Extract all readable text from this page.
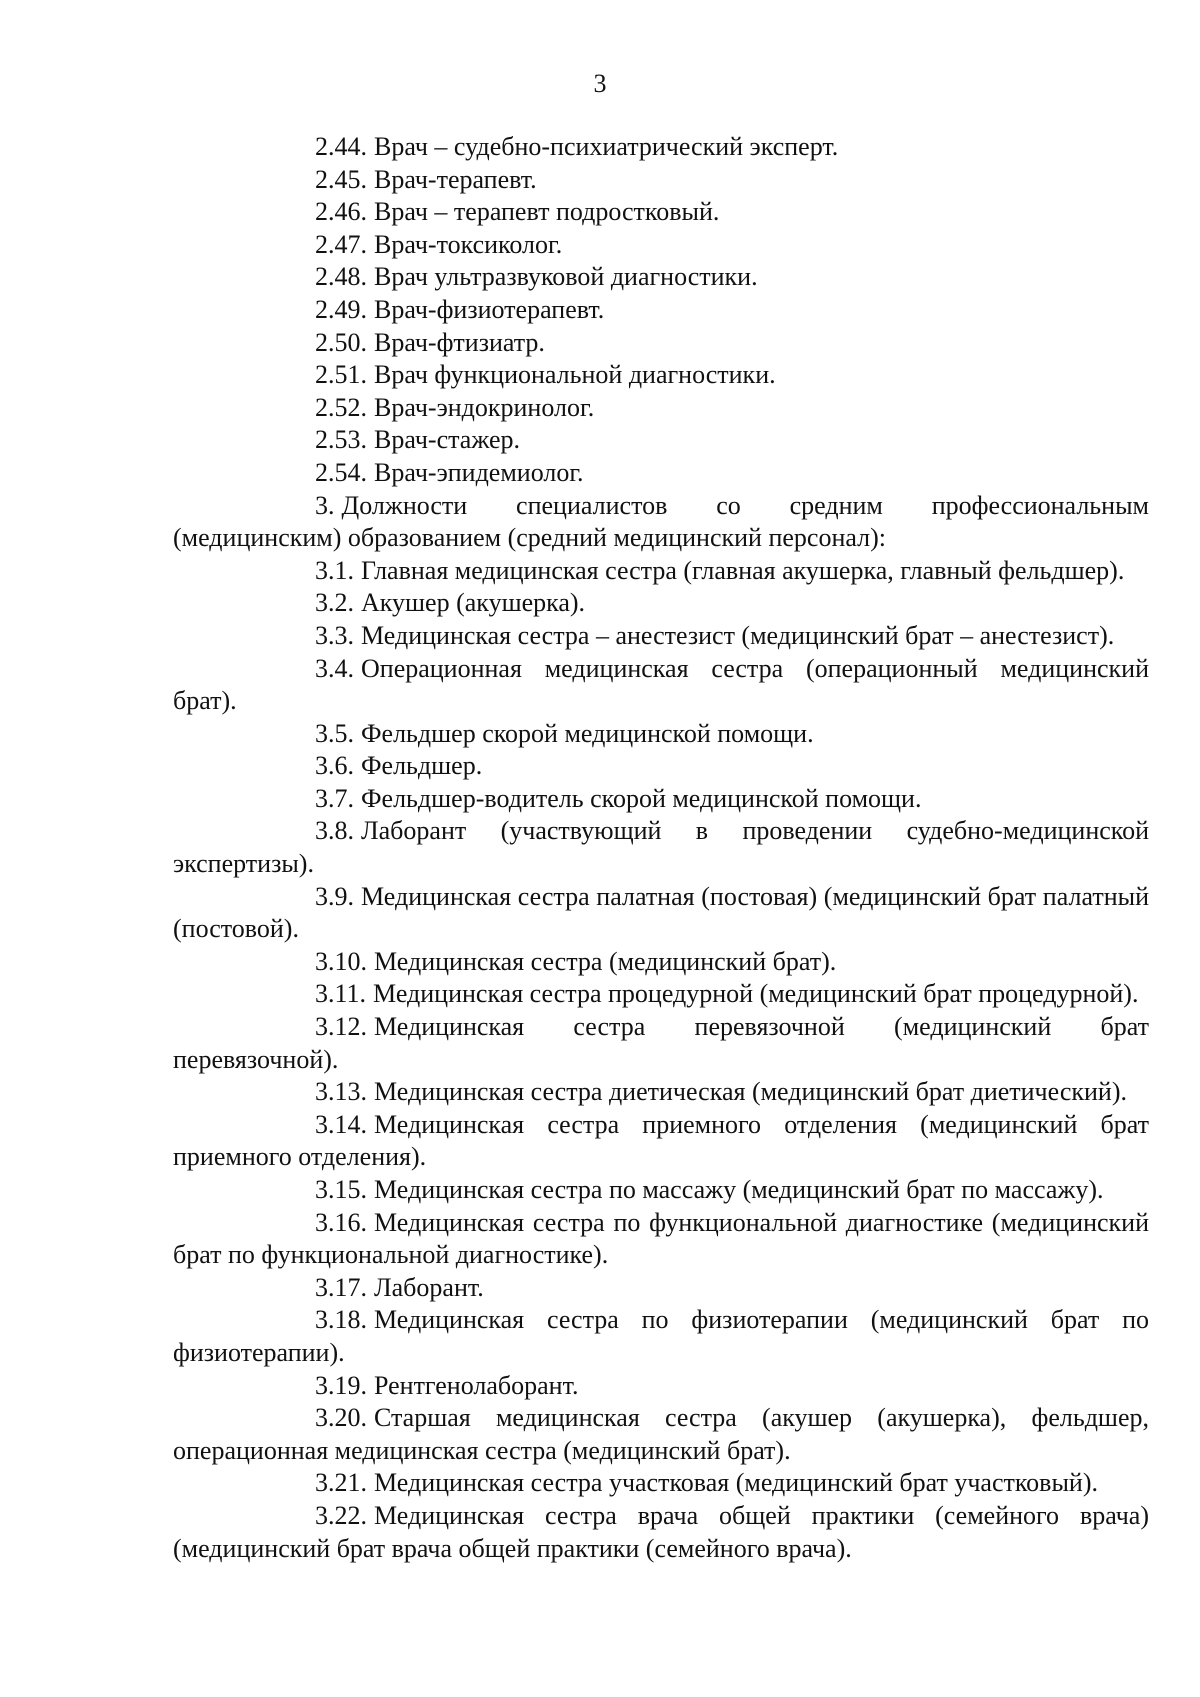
3

2.44. Врач – судебно-психиатрический эксперт.

2.45. Врач-терапевт.

2.46. Врач – терапевт подростковый.

2.47. Врач-токсиколог.

2.48. Врач ультразвуковой диагностики.

2.49. Врач-физиотерапевт.

2.50. Врач-фтизиатр.

2.51. Врач функциональной диагностики.

2.52. Врач-эндокринолог.

2.53. Врач-стажер.

2.54. Врач-эпидемиолог.

3. Должности специалистов со средним профессиональным (медицинским) образованием (средний медицинский персонал):

3.1. Главная медицинская сестра (главная акушерка, главный фельдшер).

3.2. Акушер (акушерка).

3.3. Медицинская сестра – анестезист (медицинский брат – анестезист).

3.4. Операционная медицинская сестра (операционный медицинский брат).

3.5. Фельдшер скорой медицинской помощи.

3.6. Фельдшер.

3.7. Фельдшер-водитель скорой медицинской помощи.

3.8. Лаборант (участвующий в проведении судебно-медицинской экспертизы).

3.9. Медицинская сестра палатная (постовая) (медицинский брат палатный (постовой).

3.10. Медицинская сестра (медицинский брат).

3.11. Медицинская сестра процедурной (медицинский брат процедурной).

3.12. Медицинская сестра перевязочной (медицинский брат перевязочной).

3.13. Медицинская сестра диетическая (медицинский брат диетический).

3.14. Медицинская сестра приемного отделения (медицинский брат приемного отделения).

3.15. Медицинская сестра по массажу (медицинский брат по массажу).

3.16. Медицинская сестра по функциональной диагностике (медицинский брат по функциональной диагностике).

3.17. Лаборант.

3.18. Медицинская сестра по физиотерапии (медицинский брат по физиотерапии).

3.19. Рентгенолаборант.

3.20. Старшая медицинская сестра (акушер (акушерка), фельдшер, операционная медицинская сестра (медицинский брат).

3.21. Медицинская сестра участковая (медицинский брат участковый).

3.22. Медицинская сестра врача общей практики (семейного врача) (медицинский брат врача общей практики (семейного врача).
